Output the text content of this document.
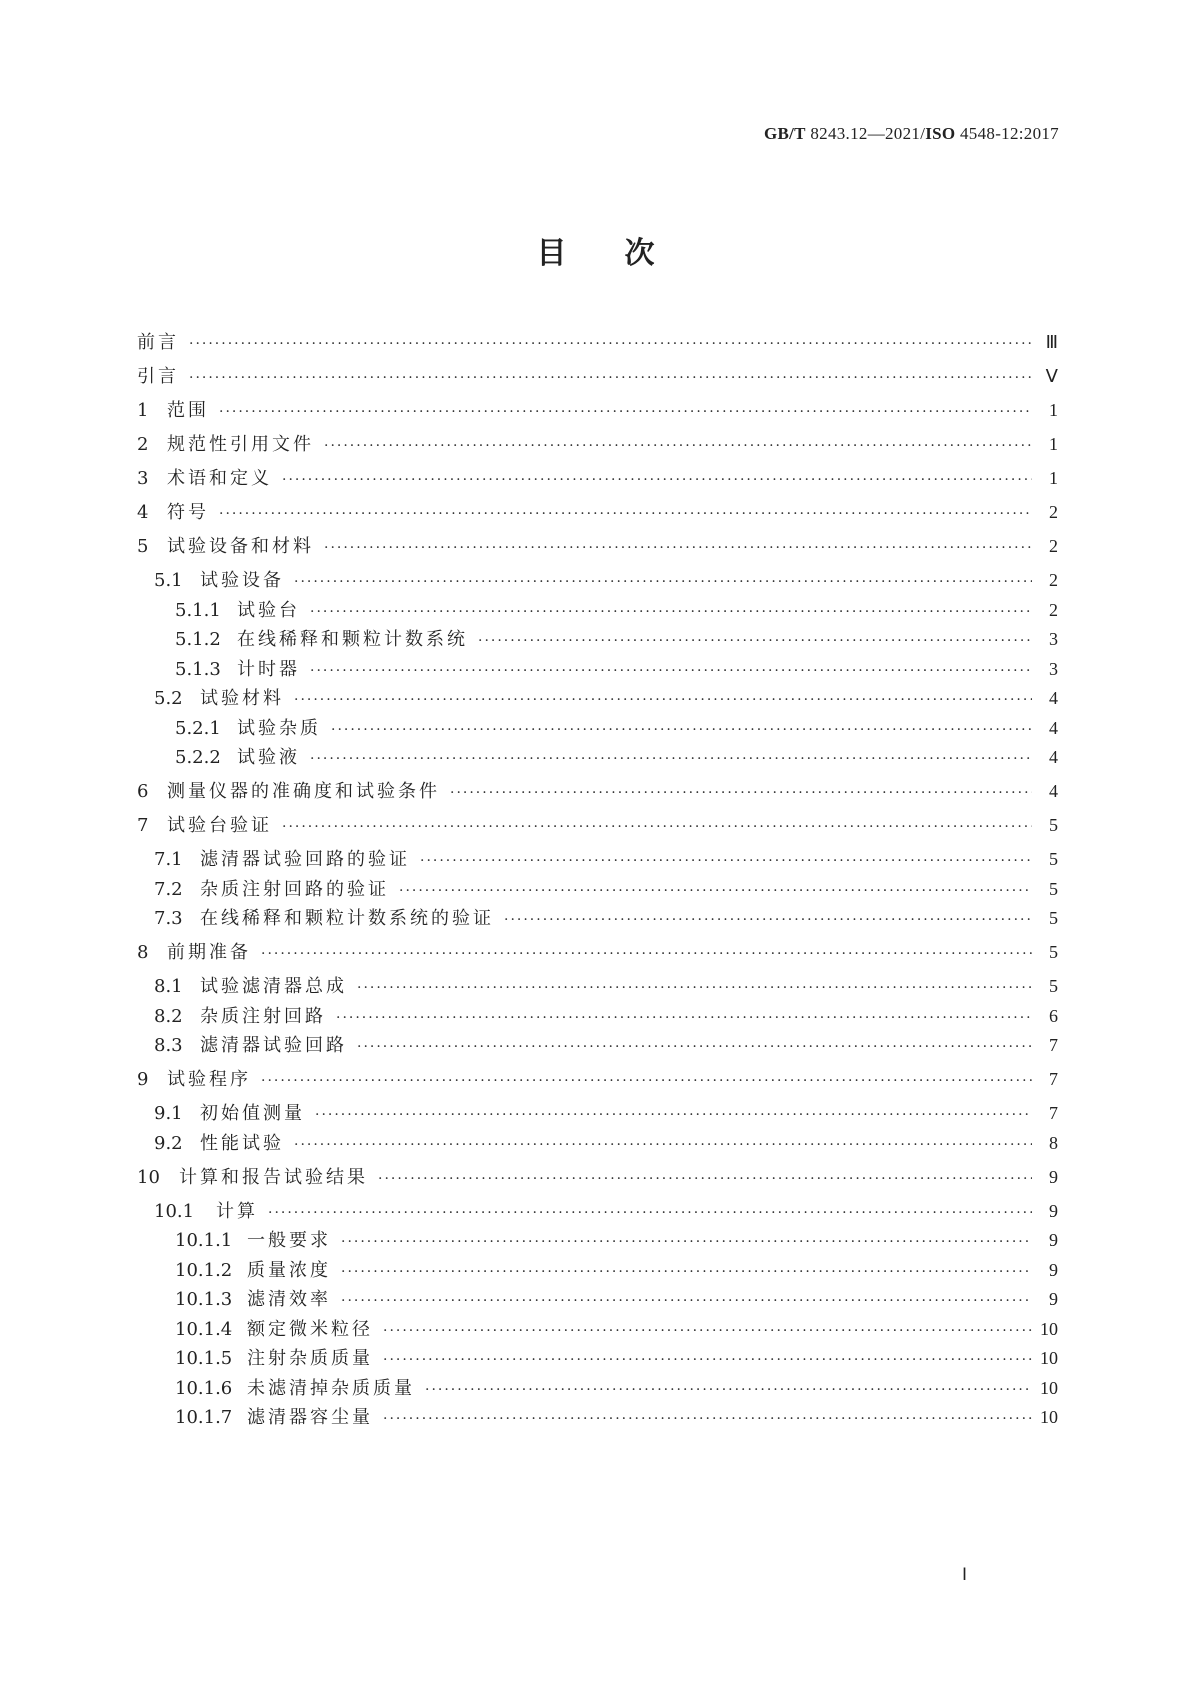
GB/T 8243.12—2021/ISO 4548-12:2017
目次
前言 ·····	Ⅲ
引言 ·····	Ⅴ
1 范围 ·····	1
2 规范性引用文件 ·····	1
3 术语和定义 ·····	1
4 符号 ·····	2
5 试验设备和材料 ·····	2
5.1 试验设备 ·····	2
5.1.1 试验台 ·····	2
5.1.2 在线稀释和颗粒计数系统 ·····	3
5.1.3 计时器 ·····	3
5.2 试验材料 ·····	4
5.2.1 试验杂质 ·····	4
5.2.2 试验液 ·····	4
6 测量仪器的准确度和试验条件 ·····	4
7 试验台验证 ·····	5
7.1 滤清器试验回路的验证 ·····	5
7.2 杂质注射回路的验证 ·····	5
7.3 在线稀释和颗粒计数系统的验证 ·····	5
8 前期准备 ·····	5
8.1 试验滤清器总成 ·····	5
8.2 杂质注射回路 ·····	6
8.3 滤清器试验回路 ·····	7
9 试验程序 ·····	7
9.1 初始值测量 ·····	7
9.2 性能试验 ·····	8
10 计算和报告试验结果 ·····	9
10.1 计算 ·····	9
10.1.1 一般要求 ·····	9
10.1.2 质量浓度 ·····	9
10.1.3 滤清效率 ·····	9
10.1.4 额定微米粒径 ·····	10
10.1.5 注射杂质质量 ·····	10
10.1.6 未滤清掉杂质质量 ·····	10
10.1.7 滤清器容尘量 ·····	10
Ⅰ
